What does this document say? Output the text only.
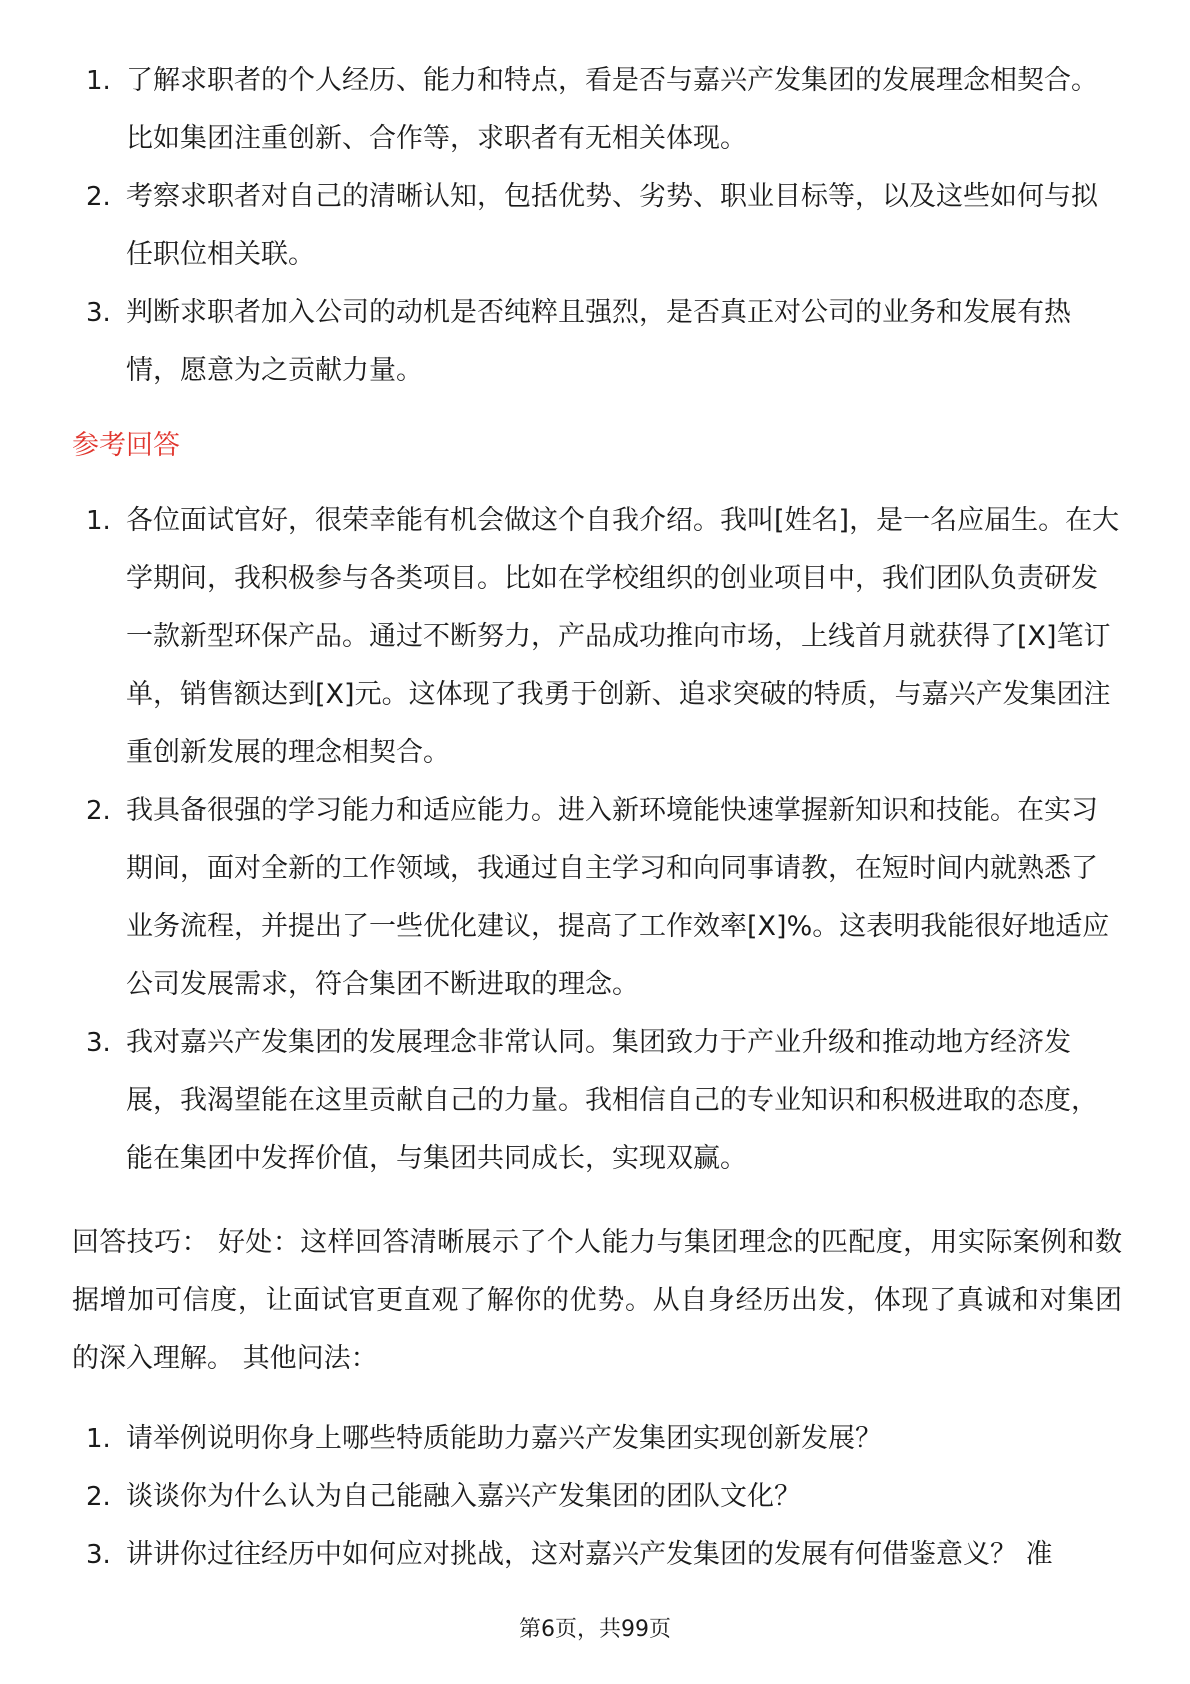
1. 了解求职者的个人经历、能力和特点，看是否与嘉兴产发集团的发展理念相契合。比如集团注重创新、合作等，求职者有无相关体现。
2. 考察求职者对自己的清晰认知，包括优势、劣势、职业目标等，以及这些如何与拟任职位相关联。
3. 判断求职者加入公司的动机是否纯粹且强烈，是否真正对公司的业务和发展有热情，愿意为之贡献力量。
参考回答
1. 各位面试官好，很荣幸能有机会做这个自我介绍。我叫[姓名]，是一名应届生。在大学期间，我积极参与各类项目。比如在学校组织的创业项目中，我们团队负责研发一款新型环保产品。通过不断努力，产品成功推向市场，上线首月就获得了[X]笔订单，销售额达到[X]元。这体现了我勇于创新、追求突破的特质，与嘉兴产发集团注重创新发展的理念相契合。
2. 我具备很强的学习能力和适应能力。进入新环境能快速掌握新知识和技能。在实习期间，面对全新的工作领域，我通过自主学习和向同事请教，在短时间内就熟悉了业务流程，并提出了一些优化建议，提高了工作效率[X]%。这表明我能很好地适应公司发展需求，符合集团不断进取的理念。
3. 我对嘉兴产发集团的发展理念非常认同。集团致力于产业升级和推动地方经济发展，我渴望能在这里贡献自己的力量。我相信自己的专业知识和积极进取的态度，能在集团中发挥价值，与集团共同成长，实现双赢。
回答技巧： 好处：这样回答清晰展示了个人能力与集团理念的匹配度，用实际案例和数据增加可信度，让面试官更直观了解你的优势。从自身经历出发，体现了真诚和对集团的深入理解。 其他问法：
1. 请举例说明你身上哪些特质能助力嘉兴产发集团实现创新发展？
2. 谈谈你为什么认为自己能融入嘉兴产发集团的团队文化？
3. 讲讲你过往经历中如何应对挑战，这对嘉兴产发集团的发展有何借鉴意义？ 准
第6页，共99页
